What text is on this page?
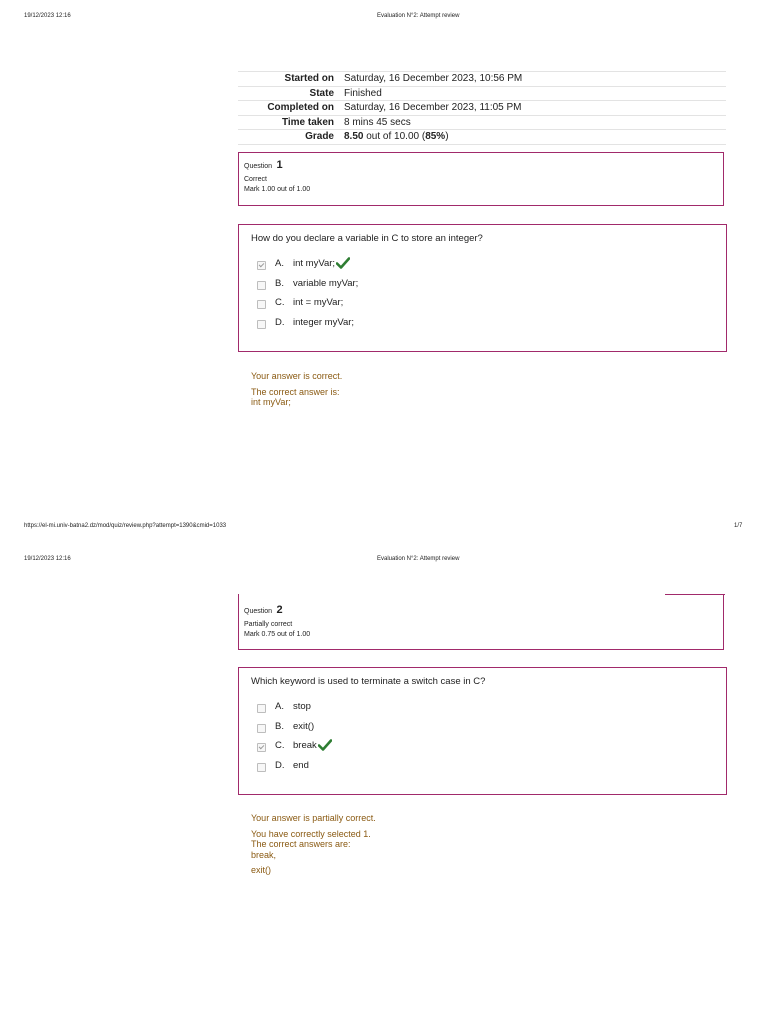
19/12/2023 12:16	Evaluation N°2: Attempt review
Started on	Saturday, 16 December 2023, 10:56 PM
State	Finished
Completed on	Saturday, 16 December 2023, 11:05 PM
Time taken	8 mins 45 secs
Grade	8.50 out of 10.00 (85%)
Question 1
Correct
Mark 1.00 out of 1.00
How do you declare a variable in C to store an integer?
A. int myVar;
B. variable myVar;
C. int = myVar;
D. integer myVar;
Your answer is correct.
The correct answer is:
int myVar;
https://el-mi.univ-batna2.dz/mod/quiz/review.php?attempt=1390&cmid=1033	1/7
19/12/2023 12:16	Evaluation N°2: Attempt review
Question 2
Partially correct
Mark 0.75 out of 1.00
Which keyword is used to terminate a switch case in C?
A. stop
B. exit()
C. break
D. end
Your answer is partially correct.
You have correctly selected 1.
The correct answers are:
break,
exit()
